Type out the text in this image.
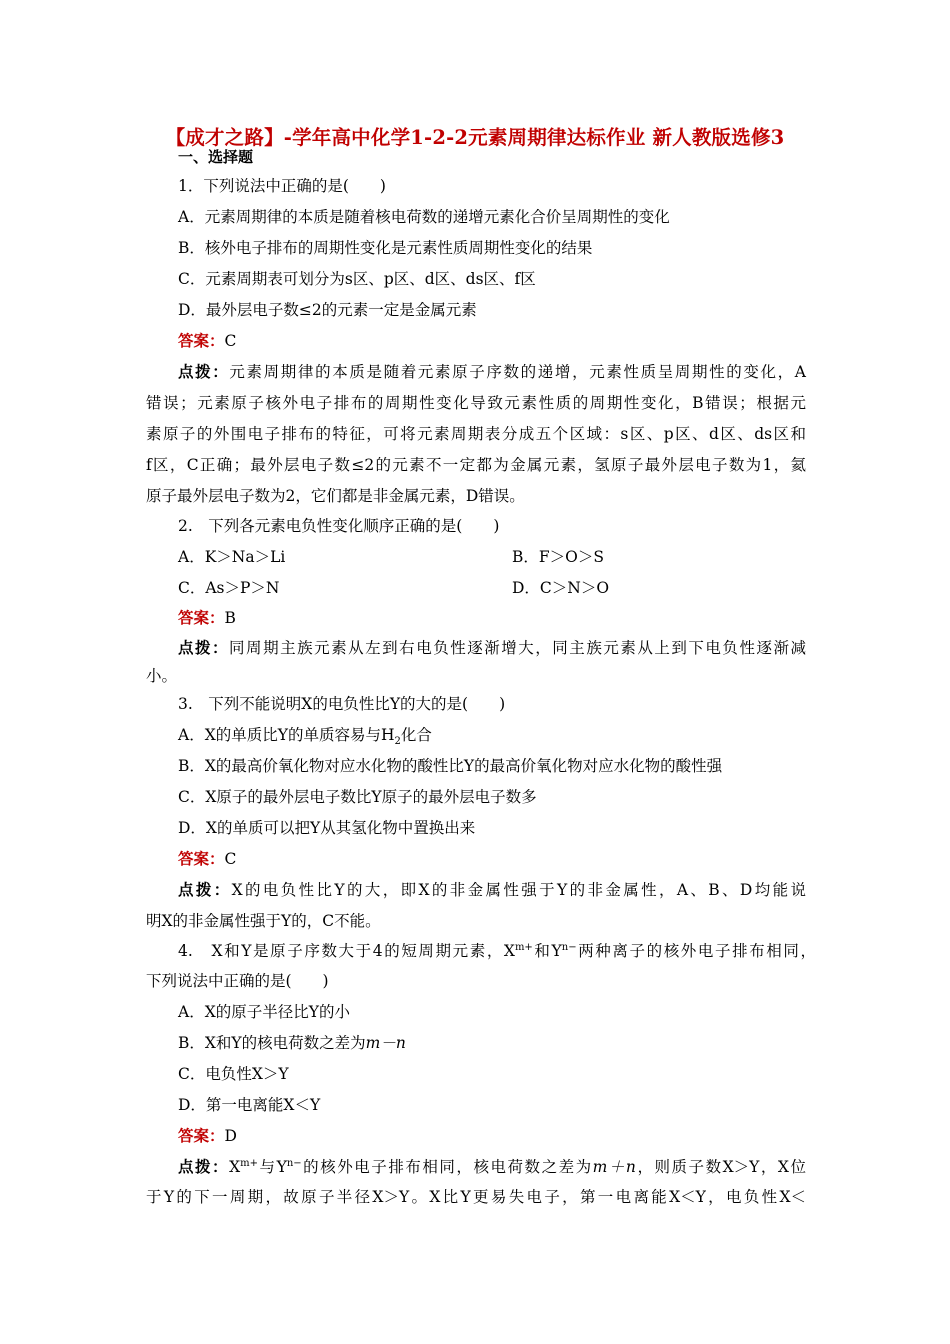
【成才之路】-学年高中化学1-2-2元素周期律达标作业 新人教版选修3
一、选择题
1．下列说法中正确的是(　　)
A．元素周期律的本质是随着核电荷数的递增元素化合价呈周期性的变化
B．核外电子排布的周期性变化是元素性质周期性变化的结果
C．元素周期表可划分为s区、p区、d区、ds区、f区
D．最外层电子数≤2的元素一定是金属元素
答案：C
点拨：元素周期律的本质是随着元素原子序数的递增，元素性质呈周期性的变化，A
错误；元素原子核外电子排布的周期性变化导致元素性质的周期性变化，B错误；根据元
素原子的外围电子排布的特征，可将元素周期表分成五个区域：s区、p区、d区、ds区和
f区，C正确；最外层电子数≤2的元素不一定都为金属元素，氢原子最外层电子数为1，氦
原子最外层电子数为2，它们都是非金属元素，D错误。
2.　下列各元素电负性变化顺序正确的是(　　)
A．K＞Na＞Li	B．F＞O＞S
C．As＞P＞N	D．C＞N＞O
答案：B
点拨：同周期主族元素从左到右电负性逐渐增大，同主族元素从上到下电负性逐渐减
小。
3.　下列不能说明X的电负性比Y的大的是(　　)
A．X的单质比Y的单质容易与$H_2$化合
B．X的最高价氧化物对应水化物的酸性比Y的最高价氧化物对应水化物的酸性强
C．X原子的最外层电子数比Y原子的最外层电子数多
D．X的单质可以把Y从其氢化物中置换出来
答案：C
点拨：X的电负性比Y的大，即X的非金属性强于Y的非金属性，A、B、D均能说
明X的非金属性强于Y的，C不能。
4.　X和Y是原子序数大于4的短周期元素，$X^{m+}$和$Y^{n-}$两种离子的核外电子排布相同，
下列说法中正确的是(　　)
A．X的原子半径比Y的小
B．X和Y的核电荷数之差为m－n
C．电负性X＞Y
D．第一电离能X＜Y
答案：D
点拨：$X^{m+}$与$Y^{n-}$的核外电子排布相同，核电荷数之差为m＋n，则质子数X＞Y，X位
于Y的下一周期，故原子半径X＞Y。X比Y更易失电子，第一电离能X＜Y，电负性X＜
